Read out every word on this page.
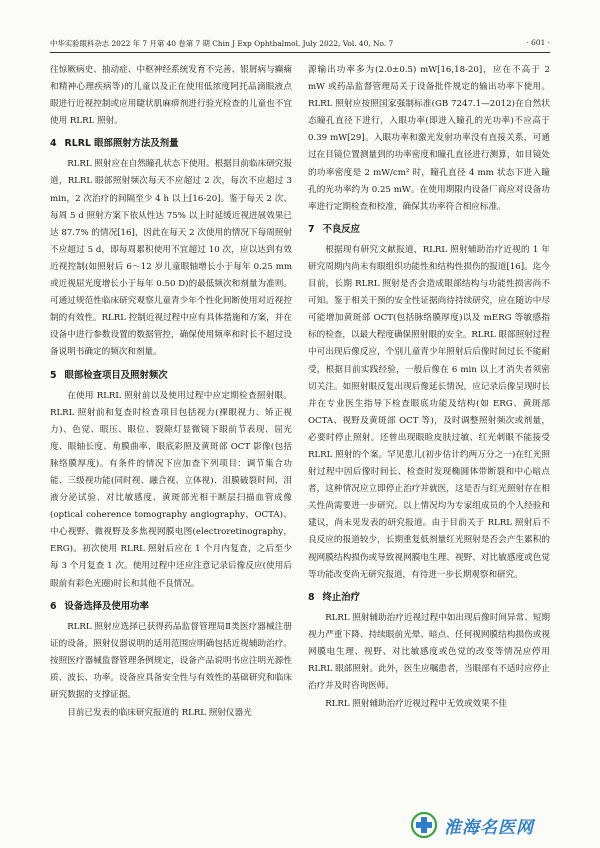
中华实验眼科杂志 2022 年 7 月第 40 卷第 7 期 Chin J Exp Ophthalmol, July 2022, Vol. 40, No. 7	· 601 ·

往惊厥病史、抽动症、中枢神经系统发育不完善、银屑病与癫痫和精神心理疾病等)的儿童以及正在使用低浓度阿托品滴眼液点眼进行近视控制或应用睫状肌麻痹剂进行验光检查的儿童也不宜使用 RLRL 照射。

4 RLRL 眼部照射方法及剂量

RLRL 照射应在自然瞳孔状态下使用。根据目前临床研究报道，RLRL 眼部照射频次每天不应超过 2 次，每次不应超过 3 min，2 次治疗的间隔至少 4 h 以上[16-20]。鉴于每天 2 次、每周 5 d 照射方案下依从性达 75% 以上时延缓近视进展效果已达 87.7% 的情况[16]，因此在每天 2 次使用的情况下每周照射不应超过 5 d，即每周累积使用不宜超过 10 次，应以达到有效近视控制(如照射后 6～12 岁儿童眼轴增长小于每年 0.25 mm 或近视屈光度增长小于每年 0.50 D)的最低频次和剂量为准则。可通过规范性临床研究观察儿童青少年个性化间断使用对近视控制的有效性。RLRL 控制近视过程中应有具体措施和方案，并在设备中进行参数设置的数据管控，确保使用频率和时长不超过设备说明书确定的频次和剂量。

5 眼部检查项目及照射频次

在使用 RLRL 照射前以及使用过程中应定期检查照射眼。RLRL 照射前和复查时检查项目包括视力(裸眼视力、矫正视力)、色觉、眼压、眼位、裂隙灯显微镜下眼前节表现、屈光度、眼轴长度、角膜曲率、眼底彩照及黄斑部 OCT 影像(包括脉络膜厚度)。有条件的情况下应加查下列项目：调节集合功能、三级视功能(同时视、融合视、立体视)、泪膜破裂时间、泪液分泌试验、对比敏感度、黄斑部光相干断层扫描血管成像(optical coherence tomography angiography，OCTA)、中心视野、微视野及多焦视网膜电图(electroretinography，ERG)。初次使用 RLRL 照射后应在 1 个月内复查，之后至少每 3 个月复查 1 次。使用过程中还应注意记录后像反应(使用后眼前有彩色光圈)时长和其他不良情况。

6 设备选择及使用功率

RLRL 照射应选择已获得药品监督管理局Ⅱ类医疗器械注册证的设备，照射仪器说明的适用范围应明确包括近视辅助治疗。按照医疗器械监督管理条例规定，设备产品说明书应注明光源性质、波长、功率。设备应具备安全性与有效性的基础研究和临床研究数据的支撑证据。

目前已发表的临床研究报道的 RLRL 照射仪器光

源输出功率多为(2.0±0.5) mW[16,18-20]，应在不高于 2 mW 或药品监督管理局关于设备批件规定的输出功率下使用。RLRL 照射应按照国家强制标准(GB 7247.1—2012)在自然状态瞳孔直径下进行，入眼功率(即进入瞳孔的光功率)不应高于 0.39 mW[29]。入眼功率和激光发射功率没有直接关系，可通过在目镜位置测量到的功率密度和瞳孔直径进行测算，如目镜处的功率密度是 2 mW/cm² 时，瞳孔直径 4 mm 状态下进入瞳孔的光功率约为 0.25 mW。在使用期限内设备厂商应对设备功率进行定期检查和校准，确保其功率符合相应标准。

7 不良反应

根据现有研究文献报道，RLRL 照射辅助治疗近视的 1 年研究周期内尚未有眼组织功能性和结构性损伤的报道[16]。迄今目前，长期 RLRL 照射是否会造成眼部结构与功能性损害尚不可知。鉴于相关干预的安全性证据尚待持续研究，应在随访中尽可能增加黄斑部 OCT(包括脉络膜厚度)以及 mERG 等敏感指标的检查，以最大程度确保照射眼的安全。RLRL 眼部照射过程中可出现后像反应，个别儿童青少年照射后后像时间过长不能耐受，根据目前实践经验，一般后像在 6 min 以上才消失者须密切关注。如照射眼反复出现后像延长情况，应记录后像呈现时长并在专业医生指导下检查眼底功能及结构(如 ERG、黄斑部 OCTA、视野及黄斑部 OCT 等)，及时调整照射频次或剂量，必要时停止照射。还曾出现眼睑皮肤过敏、红光刺眼不能接受 RLRL 照射的个案。罕见患儿(初步估计约两万分之一)在红光照射过程中因后像时间长、检查时发现椭圆体带断裂和中心暗点者，这种情况应立即停止治疗并就医，这是否与红光照射存在相关性尚需要进一步研究。以上情况均为专家组成员的个人经验和建议，尚未见发表的研究报道。由于目前关于 RLRL 照射后不良反应的报道较少，长期重复低剂量红光照射是否会产生累积的视网膜结构损伤或导致视网膜电生理、视野、对比敏感度或色觉等功能改变尚无研究报道，有待进一步长期观察和研究。

8 终止治疗

RLRL 照射辅助治疗近视过程中如出现后像时间异常、短期视力严重下降、持续眼前光晕、暗点、任何视网膜结构损伤或视网膜电生理、视野、对比敏感度或色觉的改变等情况应停用 RLRL 眼部照射。此外，医生应嘱患者，当眼部有不适时应停止治疗并及时咨询医师。

RLRL 照射辅助治疗近视过程中无效或效果不佳

淮海名医网
